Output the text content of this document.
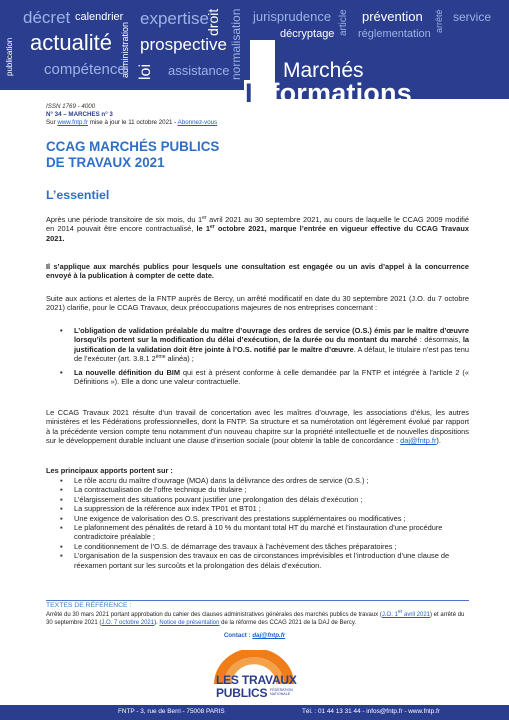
décret calendrier expertise
droit normalisation
publication actualité administration prospective
compétence loi assistance
jurisprudence article prévention arrêté service
décryptage réglementation
Marchés
Informations
ISSN 1769 - 4000
N° 34 – MARCHES n° 3
Sur www.fntp.fr mise à jour le 11 octobre 2021 - Abonnez-vous
CCAG MARCHÉS PUBLICS
DE TRAVAUX 2021
L’essentiel
Après une période transitoire de six mois, du 1er avril 2021 au 30 septembre 2021, au cours de laquelle le CCAG 2009 modifié en 2014 pouvait être encore contractualisé, le 1er octobre 2021, marque l’entrée en vigueur effective du CCAG Travaux 2021.
Il s’applique aux marchés publics pour lesquels une consultation est engagée ou un avis d’appel à la concurrence envoyé à la publication à compter de cette date.
Suite aux actions et alertes de la FNTP auprès de Bercy, un arrêté modificatif en date du 30 septembre 2021 (J.O. du 7 octobre 2021) clarifie, pour le CCAG Travaux, deux préoccupations majeures de nos entreprises concernant :
• L’obligation de validation préalable du maître d’ouvrage des ordres de service (O.S.) émis par le maître d’œuvre lorsqu’ils portent sur la modification du délai d’exécution, de la durée ou du montant du marché : désormais, la justification de la validation doit être jointe à l’O.S. notifié par le maître d’œuvre. A défaut, le titulaire n’est pas tenu de l’exécuter (art. 3.8.1 2ème alinéa) ;
• La nouvelle définition du BIM qui est à présent conforme à celle demandée par la FNTP et intégrée à l’article 2 (« Définitions »). Elle a donc une valeur contractuelle.
Le CCAG Travaux 2021 résulte d’un travail de concertation avec les maîtres d’ouvrage, les associations d’élus, les autres ministères et les Fédérations professionnelles, dont la FNTP. Sa structure et sa numérotation ont légèrement évolué par rapport à la précédente version compte tenu notamment d’un nouveau chapitre sur la propriété intellectuelle et de nouvelles dispositions sur le développement durable incluant une clause d’insertion sociale (pour obtenir la table de concordance : daj@fntp.fr).
Les principaux apports portent sur :
▪ Le rôle accru du maître d’ouvrage (MOA) dans la délivrance des ordres de service (O.S.) ;
▪ La contractualisation de l’offre technique du titulaire ;
▪ L’élargissement des situations pouvant justifier une prolongation des délais d’exécution ;
▪ La suppression de la référence aux index TP01 et BT01 ;
▪ Une exigence de valorisation des O.S. prescrivant des prestations supplémentaires ou modificatives ;
▪ Le plafonnement des pénalités de retard à 10 % du montant total HT du marché et l’instauration d’une procédure contradictoire préalable ;
▪ Le conditionnement de l’O.S. de démarrage des travaux à l’achèvement des tâches préparatoires ;
▪ L’organisation de la suspension des travaux en cas de circonstances imprévisibles et l’introduction d’une clause de réexamen portant sur les surcoûts et la prolongation des délais d’exécution.
TEXTES DE RÉFÉRENCE :
Arrêté du 30 mars 2021 portant approbation du cahier des clauses administratives générales des marchés publics de travaux (J.O. 1er avril 2021) et arrêté du 30 septembre 2021 (J.O. 7 octobre 2021). Notice de présentation de la réforme des CCAG 2021 de la DAJ de Bercy.
Contact : daj@fntp.fr
LES TRAVAUX
PUBLICS FÉDÉRATION
NATIONALE
FNTP - 3, rue de Berri - 75008 PARIS	Tél. : 01 44 13 31 44 - infos@fntp.fr - www.fntp.fr
